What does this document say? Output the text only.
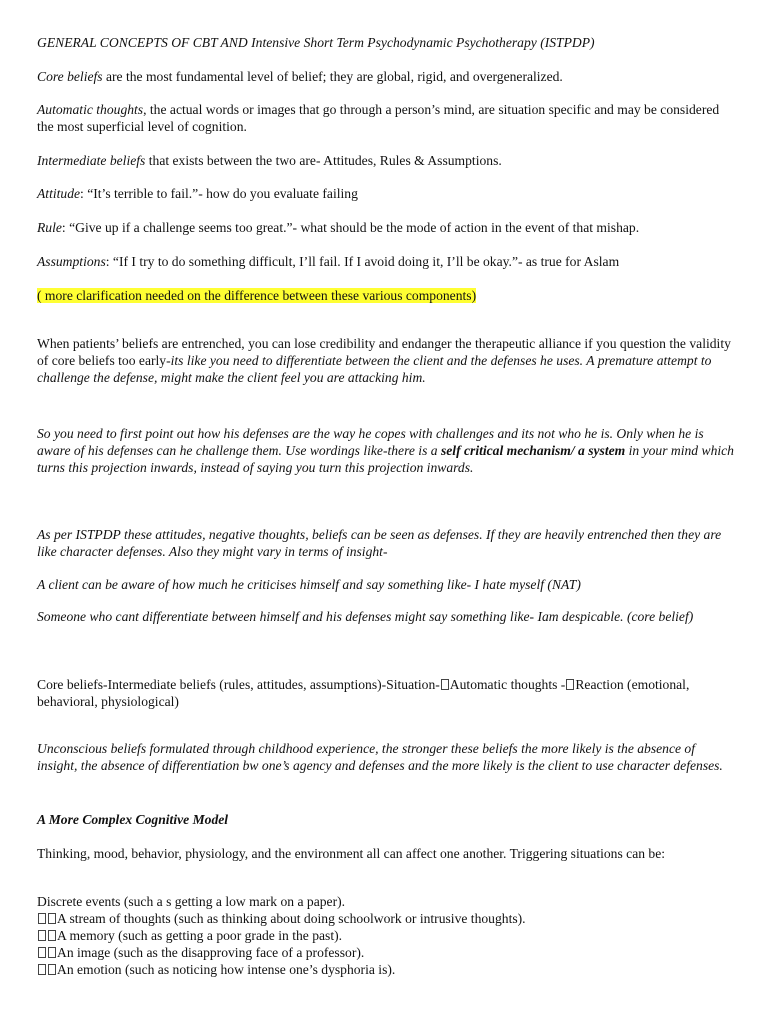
GENERAL CONCEPTS OF CBT AND Intensive Short Term Psychodynamic Psychotherapy (ISTPDP)

Core beliefs are the most fundamental level of belief; they are global, rigid, and overgeneralized.

Automatic thoughts, the actual words or images that go through a person’s mind, are situation specific and may be considered the most superficial level of cognition.

Intermediate beliefs that exists between the two are- Attitudes, Rules & Assumptions.

Attitude: “It’s terrible to fail.”- how do you evaluate failing

Rule: “Give up if a challenge seems too great.”- what should be the mode of action in the event of that mishap.

Assumptions: “If I try to do something difficult, I’ll fail. If I avoid doing it, I’ll be okay.”- as true for Aslam

( more clarification needed on the difference between these various components)

When patients’ beliefs are entrenched, you can lose credibility and endanger the therapeutic alliance if you question the validity of core beliefs too early-its like you need to differentiate between the client and the defenses he uses. A premature attempt to challenge the defense, might make the client feel you are attacking him.

So you need to first point out how his defenses are the way he copes with challenges and its not who he is. Only when he is aware of his defenses can he challenge them. Use wordings like-there is a self critical mechanism/ a system in your mind which turns this projection inwards, instead of saying you turn this projection inwards.

As per ISTPDP these attitudes, negative thoughts, beliefs can be seen as defenses. If they are heavily entrenched then they are like character defenses. Also they might vary in terms of insight-

A client can be aware of how much he criticises himself and say something like- I hate myself (NAT)

Someone who cant differentiate between himself and his defenses might say something like- Iam despicable. (core belief)

Core beliefs-Intermediate beliefs (rules, attitudes, assumptions)-Situation- Automatic thoughts - Reaction (emotional, behavioral, physiological)

Unconscious beliefs formulated through childhood experience, the stronger these beliefs the more likely is the absence of insight, the absence of differentiation bw one’s agency and defenses and the more likely is the client to use character defenses.

A More Complex Cognitive Model

Thinking, mood, behavior, physiology, and the environment all can affect one another. Triggering situations can be:

Discrete events (such a s getting a low mark on a paper).
A stream of thoughts (such as thinking about doing schoolwork or intrusive thoughts).
A memory (such as getting a poor grade in the past).
An image (such as the disapproving face of a professor).
An emotion (such as noticing how intense one’s dysphoria is).
